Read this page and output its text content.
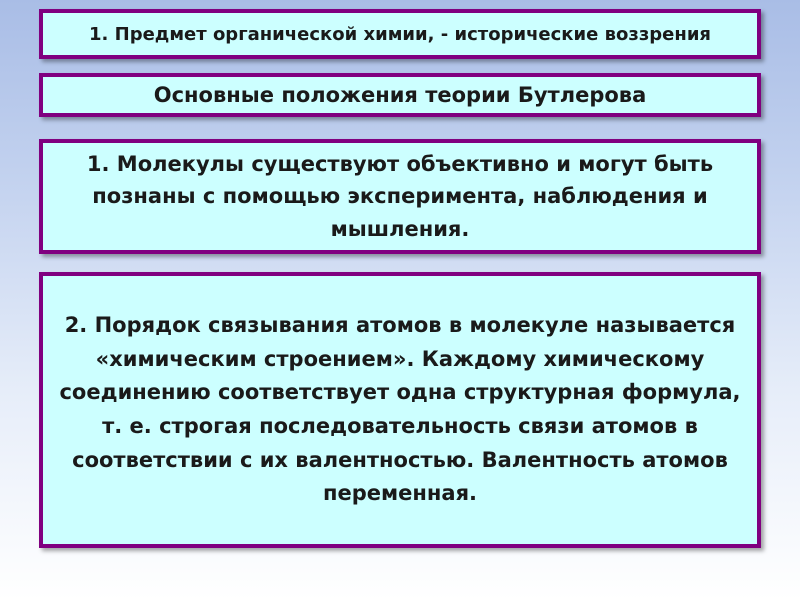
1. Предмет органической химии, - исторические воззрения
Основные положения теории Бутлерова
1. Молекулы существуют объективно и могут быть познаны с помощью эксперимента, наблюдения и мышления.
2. Порядок связывания атомов в молекуле называется «химическим строением». Каждому химическому соединению соответствует одна структурная формула, т. е. строгая последовательность связи атомов в соответствии с их валентностью. Валентность атомов переменная.
